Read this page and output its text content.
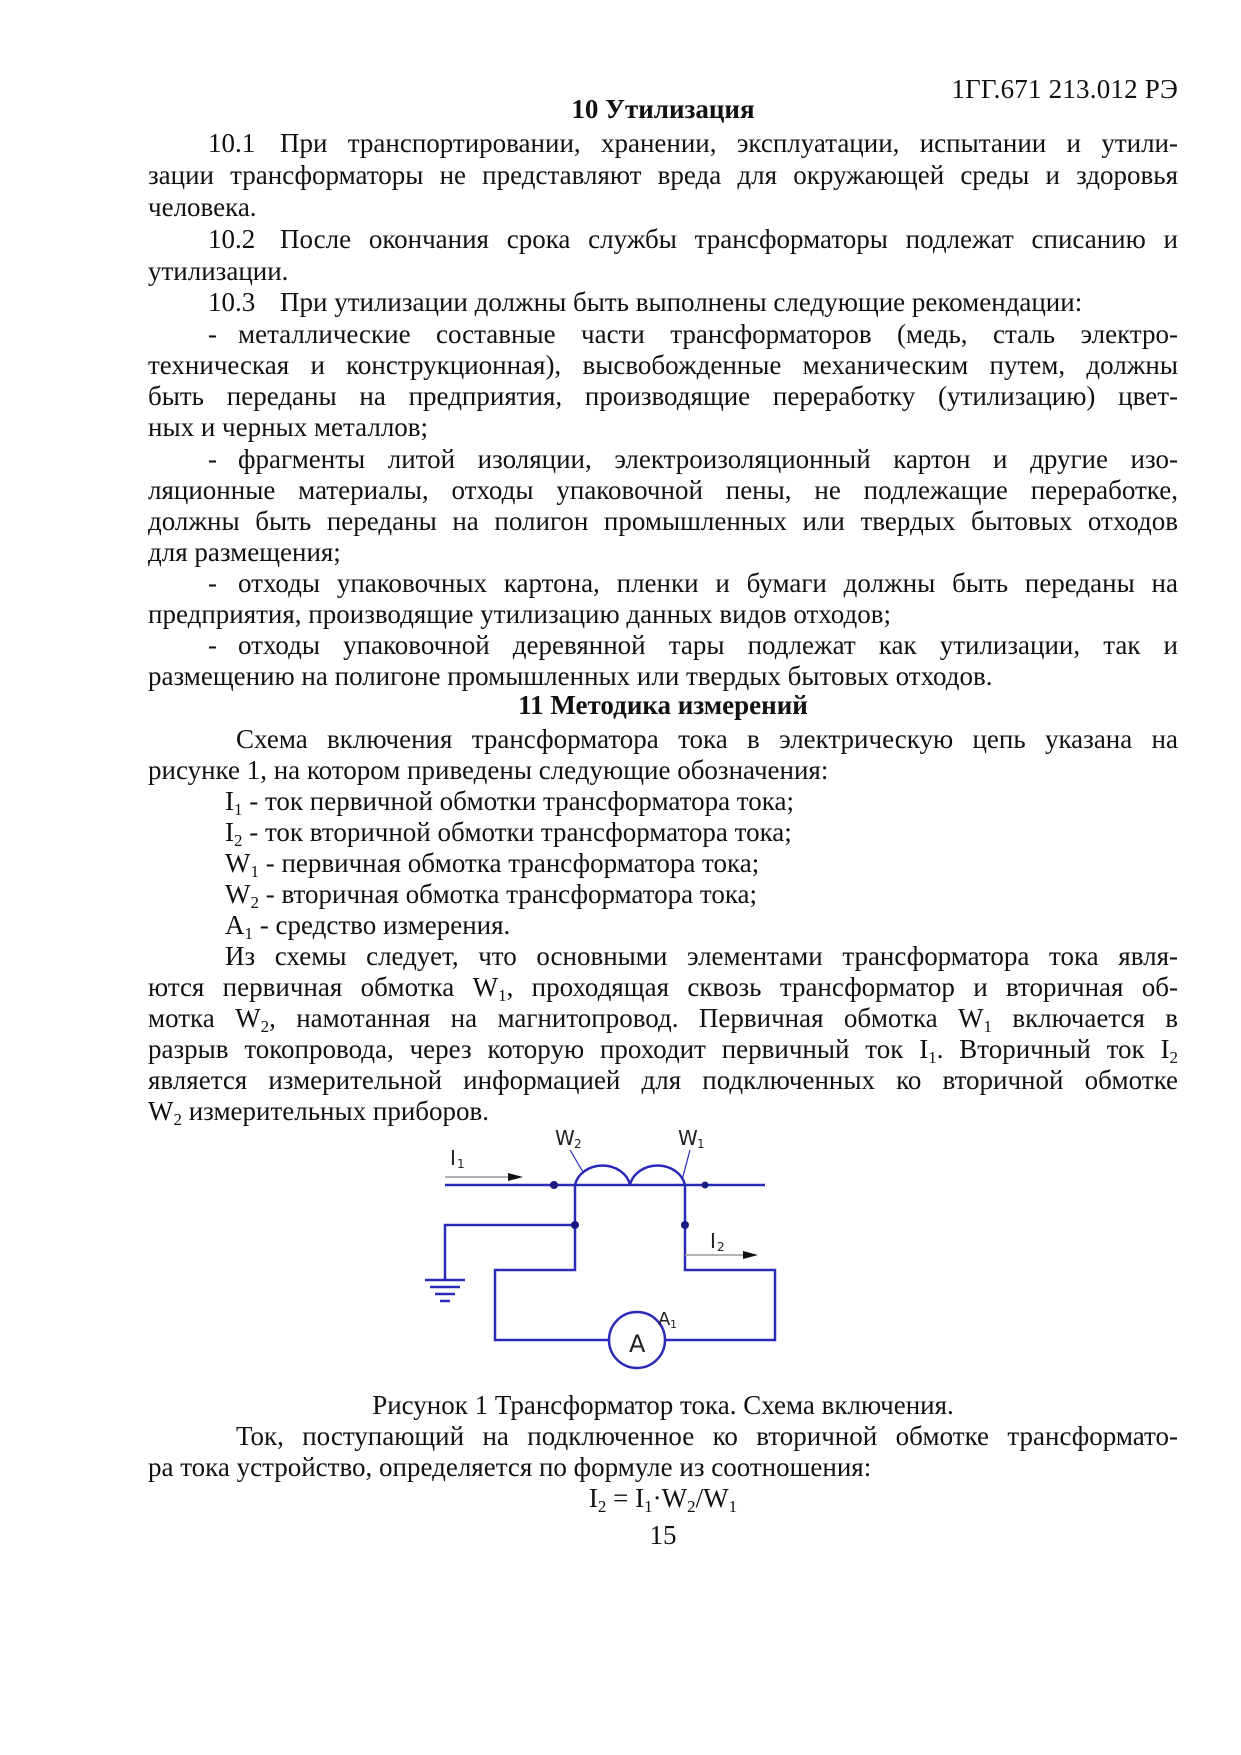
1ГГ.671 213.012 РЭ
10 Утилизация
10.1 При транспортировании, хранении, эксплуатации, испытании и утили-
зации трансформаторы не представляют вреда для окружающей среды и здоровья
человека.
10.2 После окончания срока службы трансформаторы подлежат списанию и
утилизации.
10.3 При утилизации должны быть выполнены следующие рекомендации:
- металлические составные части трансформаторов (медь, сталь электро-
техническая и конструкционная), высвобожденные механическим путем, должны
быть переданы на предприятия, производящие переработку (утилизацию) цвет-
ных и черных металлов;
- фрагменты литой изоляции, электроизоляционный картон и другие изо-
ляционные материалы, отходы упаковочной пены, не подлежащие переработке,
должны быть переданы на полигон промышленных или твердых бытовых отходов
для размещения;
- отходы упаковочных картона, пленки и бумаги должны быть переданы на
предприятия, производящие утилизацию данных видов отходов;
- отходы упаковочной деревянной тары подлежат как утилизации, так и
размещению на полигоне промышленных или твердых бытовых отходов.
11 Методика измерений
Схема включения трансформатора тока в электрическую цепь указана на
рисунке 1, на котором приведены следующие обозначения:
$I_1$ - ток первичной обмотки трансформатора тока;
$I_2$ - ток вторичной обмотки трансформатора тока;
$W_1$ - первичная обмотка трансформатора тока;
$W_2$ - вторичная обмотка трансформатора тока;
$A_1$ - средство измерения.
Из схемы следует, что основными элементами трансформатора тока явля-
ются первичная обмотка $W_1$, проходящая сквозь трансформатор и вторичная об-
мотка $W_2$, намотанная на магнитопровод. Первичная обмотка $W_1$ включается в
разрыв токопровода, через которую проходит первичный ток $I_1$. Вторичный ток $I_2$
является измерительной информацией для подключенных ко вторичной обмотке
$W_2$ измерительных приборов.
Рисунок 1 Трансформатор тока. Схема включения.
Ток, поступающий на подключенное ко вторичной обмотке трансформато-
ра тока устройство, определяется по формуле из соотношения:
$I_2 = I_1\cdot W_2/W_1$
15
I 1
W 2	W 1
I 2
A 1
A
